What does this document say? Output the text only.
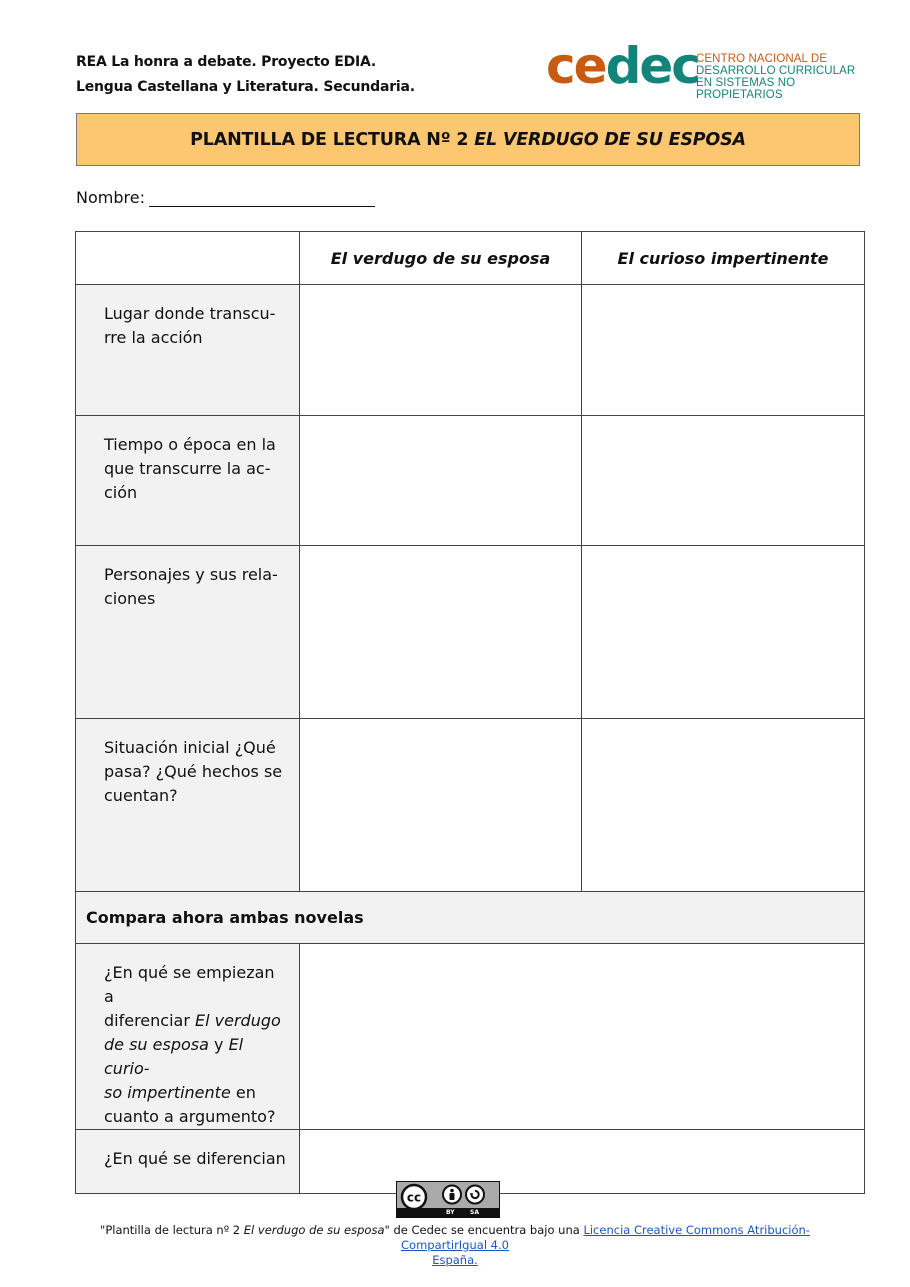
REA La honra a debate. Proyecto EDIA.
Lengua Castellana y Literatura. Secundaria.	cedec
CENTRO NACIONAL DE
DESARROLLO CURRICULAR
EN SISTEMAS NO PROPIETARIOS
PLANTILLA DE LECTURA Nº 2 EL VERDUGO DE SU ESPOSA
Nombre:
	El verdugo de su esposa	El curioso impertinente

Lugar donde transcu-
rre la acción		

Tiempo o época en la
que transcurre la ac-
ción		

Personajes y sus rela-
ciones		

Situación inicial ¿Qué
pasa? ¿Qué hechos se
cuentan?		

Compara ahora ambas novelas		

¿En qué se empiezan a
diferenciar El verdugo
de su esposa y El curio-
so impertinente en
cuanto a argumento?		

¿En qué se diferencian		

cc
BY	SA
"Plantilla de lectura nº 2 El verdugo de su esposa" de Cedec se encuentra bajo una Licencia Creative Commons Atribución-CompartirIgual 4.0
España.
